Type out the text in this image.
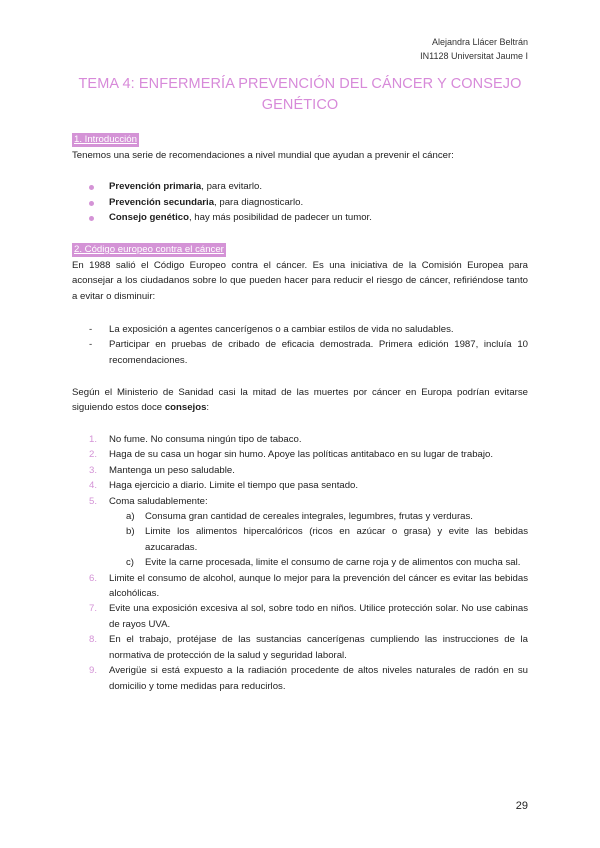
Alejandra Llácer Beltrán
IN1128 Universitat Jaume I
TEMA 4: ENFERMERÍA PREVENCIÓN DEL CÁNCER Y CONSEJO GENÉTICO
1. Introducción
Tenemos una serie de recomendaciones a nivel mundial que ayudan a prevenir el cáncer:
Prevención primaria, para evitarlo.
Prevención secundaria, para diagnosticarlo.
Consejo genético, hay más posibilidad de padecer un tumor.
2. Código europeo contra el cáncer
En 1988 salió el Código Europeo contra el cáncer. Es una iniciativa de la Comisión Europea para aconsejar a los ciudadanos sobre lo que pueden hacer para reducir el riesgo de cáncer, refiriéndose tanto a evitar o disminuir:
- La exposición a agentes cancerígenos o a cambiar estilos de vida no saludables.
- Participar en pruebas de cribado de eficacia demostrada. Primera edición 1987, incluía 10 recomendaciones.
Según el Ministerio de Sanidad casi la mitad de las muertes por cáncer en Europa podrían evitarse siguiendo estos doce consejos:
1. No fume. No consuma ningún tipo de tabaco.
2. Haga de su casa un hogar sin humo. Apoye las políticas antitabaco en su lugar de trabajo.
3. Mantenga un peso saludable.
4. Haga ejercicio a diario. Limite el tiempo que pasa sentado.
5. Coma saludablemente:
a) Consuma gran cantidad de cereales integrales, legumbres, frutas y verduras.
b) Limite los alimentos hipercalóricos (ricos en azúcar o grasa) y evite las bebidas azucaradas.
c) Evite la carne procesada, limite el consumo de carne roja y de alimentos con mucha sal.
6. Limite el consumo de alcohol, aunque lo mejor para la prevención del cáncer es evitar las bebidas alcohólicas.
7. Evite una exposición excesiva al sol, sobre todo en niños. Utilice protección solar. No use cabinas de rayos UVA.
8. En el trabajo, protéjase de las sustancias cancerígenas cumpliendo las instrucciones de la normativa de protección de la salud y seguridad laboral.
9. Averigüe si está expuesto a la radiación procedente de altos niveles naturales de radón en su domicilio y tome medidas para reducirlos.
29
